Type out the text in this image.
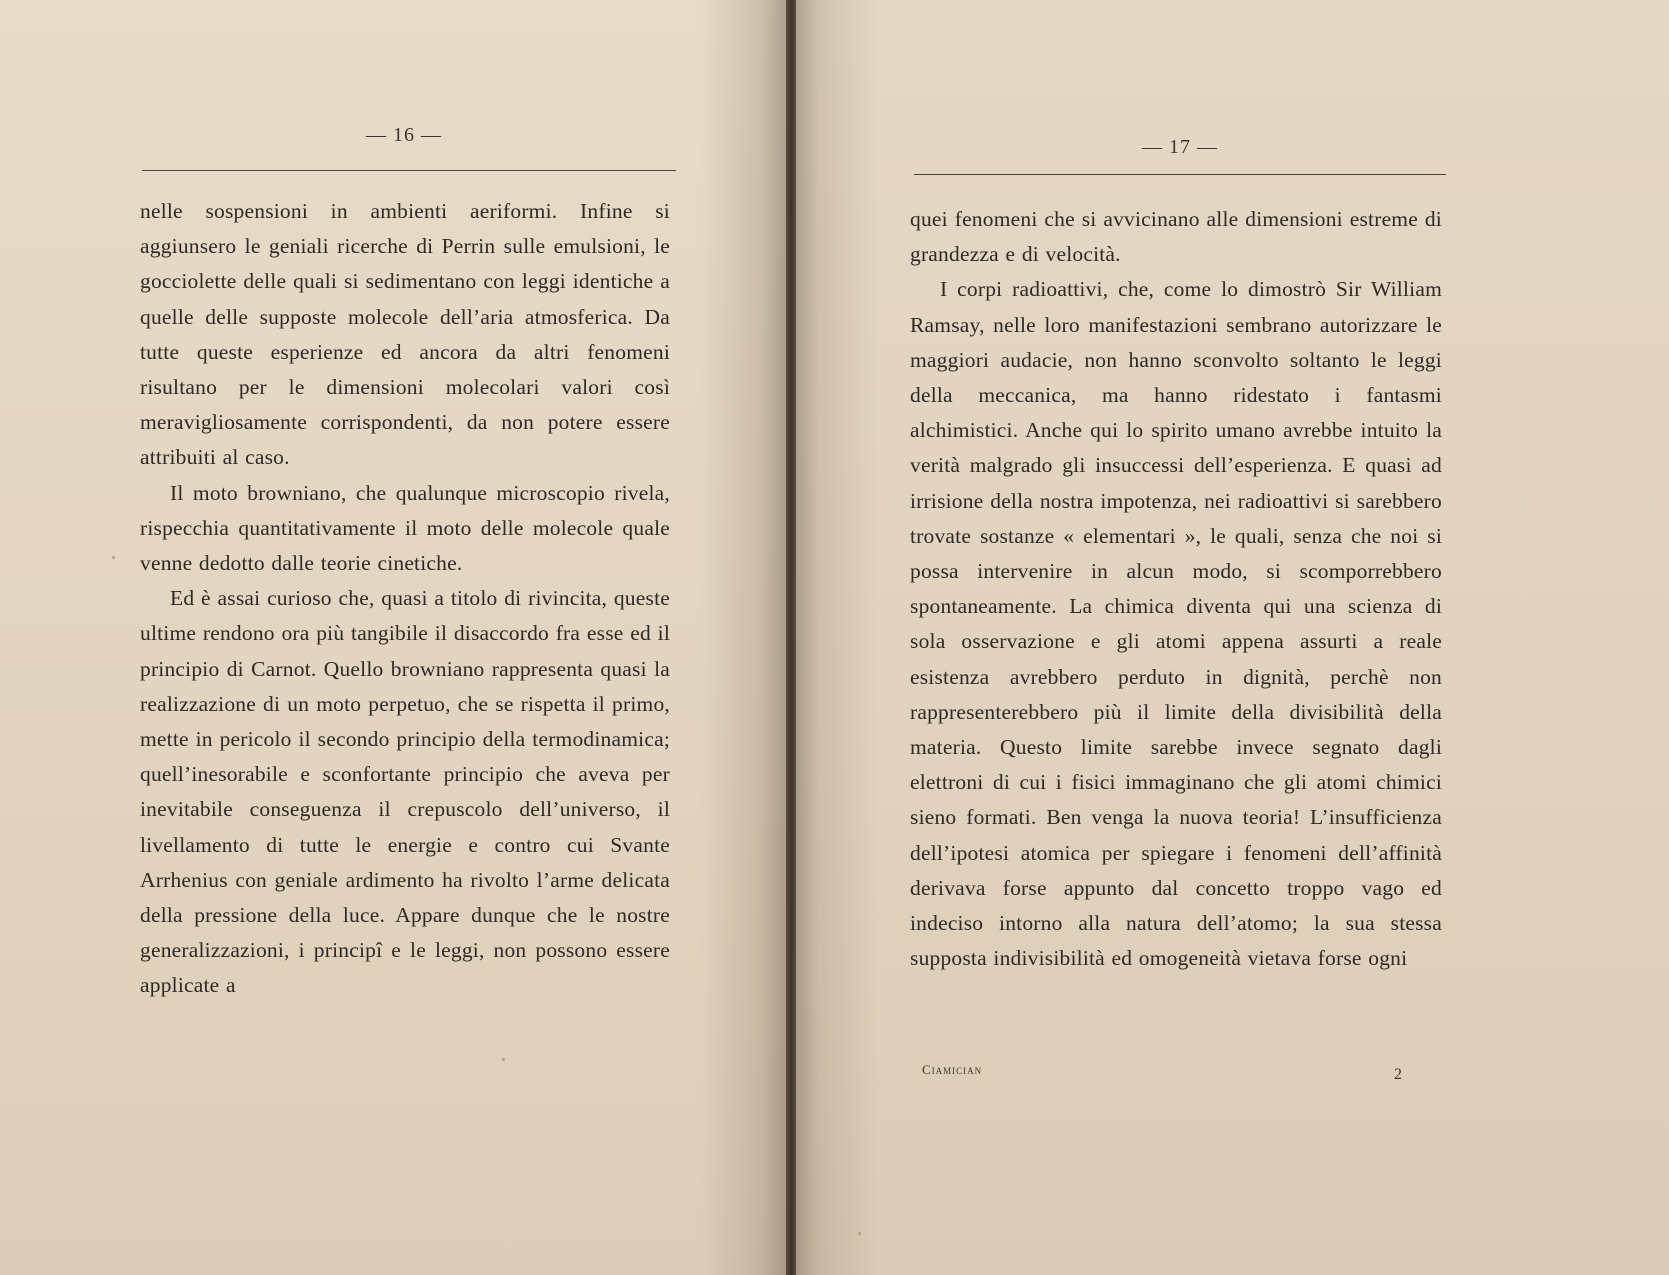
— 16 —

nelle sospensioni in ambienti aeriformi. Infine si aggiunsero le geniali ricerche di Perrin sulle emulsioni, le gocciolette delle quali si sedimentano con leggi identiche a quelle delle supposte molecole dell’aria atmosferica. Da tutte queste esperienze ed ancora da altri fenomeni risultano per le dimensioni molecolari valori così meravigliosamente corrispondenti, da non potere essere attribuiti al caso.

Il moto browniano, che qualunque microscopio rivela, rispecchia quantitativamente il moto delle molecole quale venne dedotto dalle teorie cinetiche.

Ed è assai curioso che, quasi a titolo di rivincita, queste ultime rendono ora più tangibile il disaccordo fra esse ed il principio di Carnot. Quello browniano rappresenta quasi la realizzazione di un moto perpetuo, che se rispetta il primo, mette in pericolo il secondo principio della termodinamica; quell’inesorabile e sconfortante principio che aveva per inevitabile conseguenza il crepuscolo dell’universo, il livellamento di tutte le energie e contro cui Svante Arrhenius con geniale ardimento ha rivolto l’arme delicata della pressione della luce. Appare dunque che le nostre generalizzazioni, i principî e le leggi, non possono essere applicate a

— 17 —

quei fenomeni che si avvicinano alle dimensioni estreme di grandezza e di velocità.

I corpi radioattivi, che, come lo dimostrò Sir William Ramsay, nelle loro manifestazioni sembrano autorizzare le maggiori audacie, non hanno sconvolto soltanto le leggi della meccanica, ma hanno ridestato i fantasmi alchimistici. Anche qui lo spirito umano avrebbe intuito la verità malgrado gli insuccessi dell’esperienza. E quasi ad irrisione della nostra impotenza, nei radioattivi si sarebbero trovate sostanze « elementari », le quali, senza che noi si possa intervenire in alcun modo, si scomporrebbero spontaneamente. La chimica diventa qui una scienza di sola osservazione e gli atomi appena assurti a reale esistenza avrebbero perduto in dignità, perchè non rappresenterebbero più il limite della divisibilità della materia. Questo limite sarebbe invece segnato dagli elettroni di cui i fisici immaginano che gli atomi chimici sieno formati. Ben venga la nuova teoria! L’insufficienza dell’ipotesi atomica per spiegare i fenomeni dell’affinità derivava forse appunto dal concetto troppo vago ed indeciso intorno alla natura dell’atomo; la sua stessa supposta indivisibilità ed omogeneità vietava forse ogni

Ciamician	2
